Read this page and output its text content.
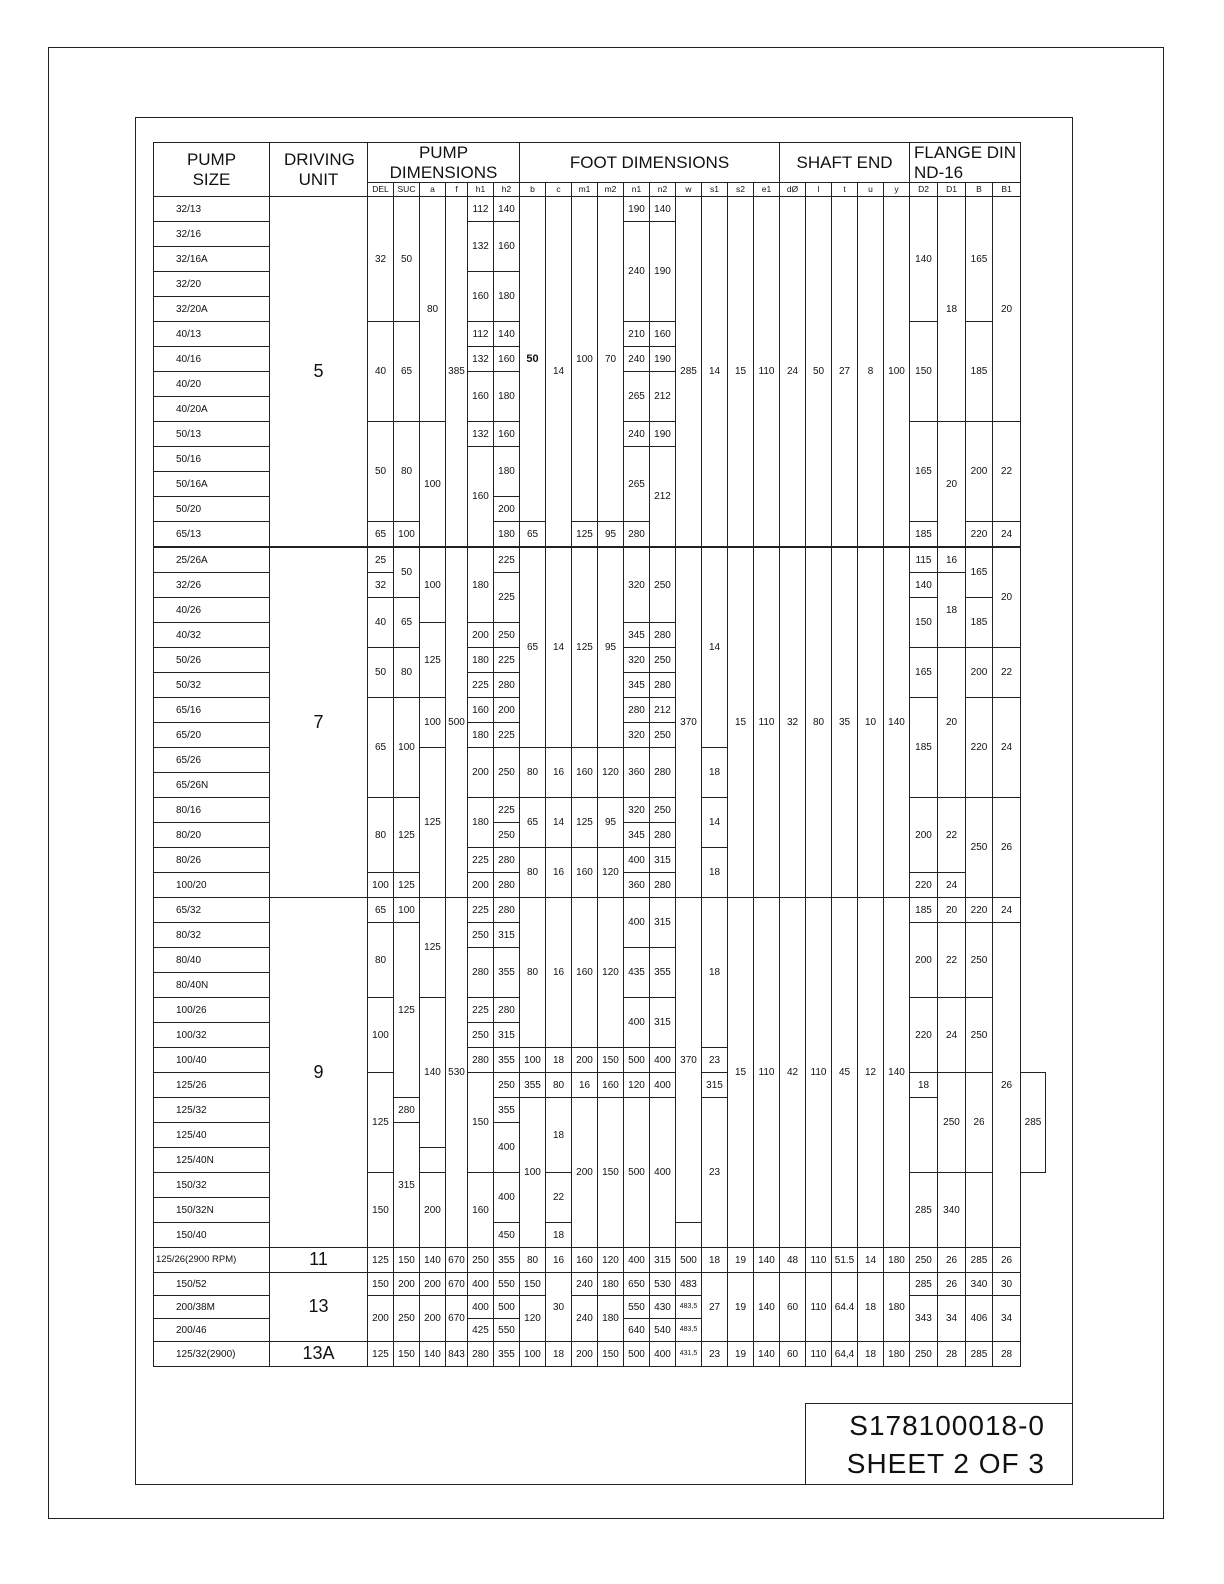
PUMP SIZE	DRIVING UNIT	PUMP DIMENSIONS						FOOT DIMENSIONS										SHAFT END					FLANGE DIN ND-16				
		DEL	SUC	a	f	h1	h2	b	c	m1	m2	n1	n2	w	s1	s2	e1	dØ	l	t	u	y	D2	D1	B	B1	
32/13	5	32	50	80	385	112	140	50	14	100	70	190	140	285	14	15	110	24	50	27	8	100	140	18	165	20	
32/16						132	160					240	190														
32/16A																											
32/20						160	180																				
32/20A																											
40/13		40	65			112	140					210	160										150		185		
40/16						132	160					240	190														
40/20						160	180					265	212														
40/20A																											
50/13		50	80	100		132	160					240	190										165	20	200	22	
50/16						160	180					265	212														
50/16A																											
50/20							200																				
65/13		65	100				180	65		125	95	280											185		220	24	
25/26A	7	25	50	100	500	180	225	65	14	125	95	320	250	370	14	15	110	32	80	35	10	140	115	16	165	20	
32/26		32					225																140	18			
40/26		40	65																				150		185		
40/32				125		200	250					345	280														
50/26		50	80			180	225					320	250										165	20	200	22	
50/32						225	280					345	280														
65/16		65	100	100		160	200					280	212										185		220	24	
65/20						180	225					320	250														
65/26				125		200	250	80	16	160	120	360	280		18												
65/26N																											
80/16		80	125			180	225	65	14	125	95	320	250		14								200	22	250	26	
80/20							250					345	280														
80/26						225	280	80	16	160	120	400	315		18												
100/20		100	125			200	280					360	280										220	24			
65/32	9	65	100	125	530	225	280	80	16	160	120	400	315	370	18	15	110	42	110	45	12	140	185	20	220	24	
80/32		80	125			250	315																200	22	250	26	
80/40						280	355					435	355														
80/40N																											
100/26		100		140		225	280					400	315										220	24	250		
100/32						250	315																				
100/40						280	355	100	18	200	150	500	400		23												
125/26		125				150	250	355	80	16	160	120	400		315								18	250	26		285
125/32			280				355	100	18	200	150	500	400		23												
125/40			315				400																				
125/40N																											
150/32		150		200		160	400		22														285	340			
150/32N																											
150/40							450		18																		
125/26(2900 RPM)	11	125	150	140	670	250	355	80	16	160	120	400	315	500	18	19	140	48	110	51.5	14	180	250	26	285	26	
150/52	13	150	200	200	670	400	550	150	30	240	180	650	530	483	27	19	140	60	110	64.4	18	180	285	26	340	30	
200/38M		200	250	200	670	400	500	120		240	180	550	430	483,5									343	34	406	34	
200/46						425	550					640	540	483,5													
125/32(2900)	13A	125	150	140	843	280	355	100	18	200	150	500	400	431,5	23	19	140	60	110	64,4	18	180	250	28	285	28	
S178100018-0
SHEET 2 OF 3
